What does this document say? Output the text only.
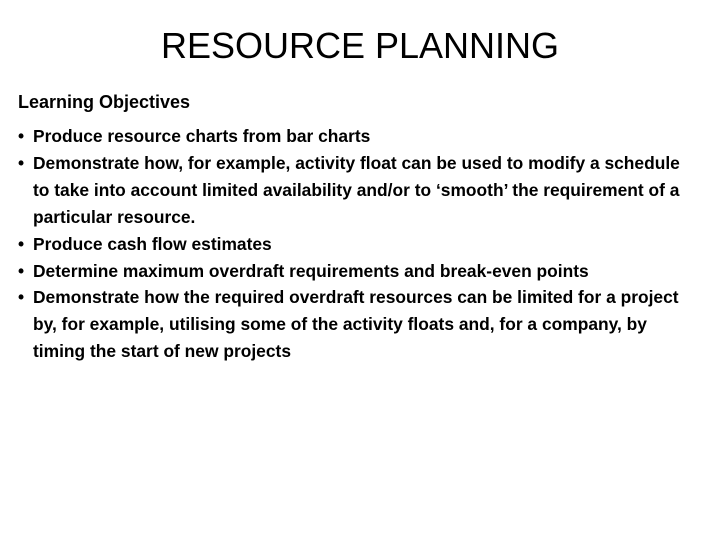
RESOURCE PLANNING
Learning Objectives
• Produce resource charts from bar charts
• Demonstrate how, for example, activity float can be used to modify a schedule to take into account limited availability and/or to ‘smooth’ the requirement of a particular resource.
• Produce cash flow estimates
• Determine maximum overdraft requirements and break-even points
• Demonstrate how the required overdraft resources can be limited for a project by, for example, utilising some of the activity floats and, for a company, by timing the start of new projects
